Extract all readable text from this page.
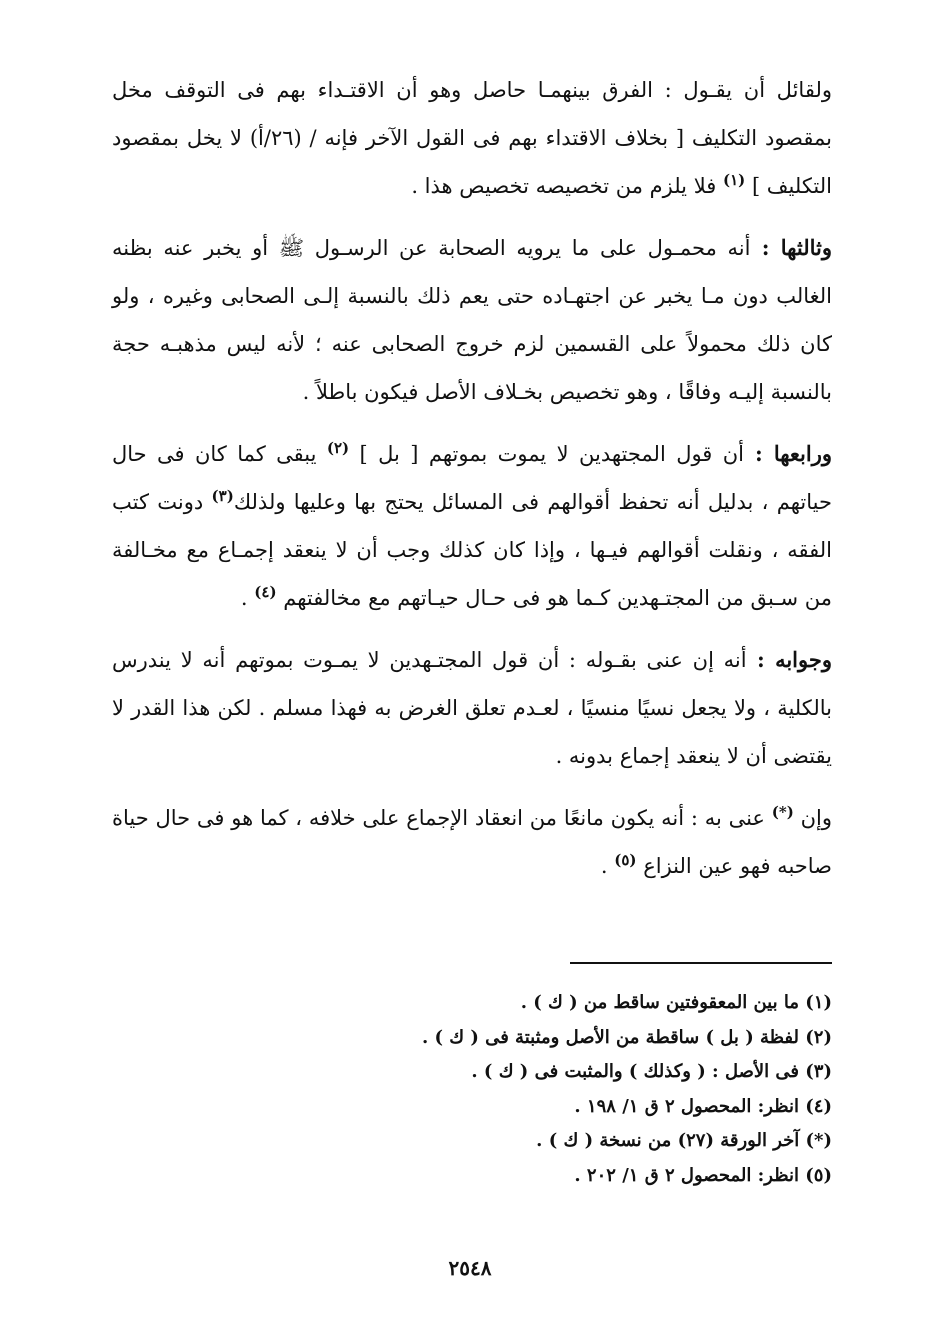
ولقائل أن يقـول : الفرق بينهمـا حاصل وهو أن الاقتـداء بهم فى التوقف مخل بمقصود التكليف [ بخلاف الاقتداء بهم فى القول الآخر فإنه / (٢٦/أ) لا يخل بمقصود التكليف ] $^{(١)}$ فلا يلزم من تخصيصه تخصيص هذا .

وثالثها : أنه محمـول على ما يرويه الصحابة عن الرسـول ﷺ أو يخبر عنه بظنه الغالب دون مـا يخبر عن اجتهـاده حتى يعم ذلك بالنسبة إلـى الصحابى وغيره ، ولو كان ذلك محمولاً على القسمين لزم خروج الصحابى عنه ؛ لأنه ليس مذهبـه حجة بالنسبة إليـه وفاقًا ، وهو تخصيص بخـلاف الأصل فيكون باطلاً .

ورابعها : أن قول المجتهدين لا يموت بموتهم [ بل ] $^{(٢)}$ يبقى كما كان فى حال حياتهم ، بدليل أنه تحفظ أقوالهم فى المسائل يحتج بها وعليها ولذلك$^{(٣)}$ دونت كتب الفقه ، ونقلت أقوالهم فيـها ، وإذا كان كذلك وجب أن لا ينعقد إجمـاع مع مخـالفة من سـبق من المجتـهدين كـما هو فى حـال حيـاتهم مع مخالفتهم $^{(٤)}$ .

وجوابه : أنه إن عنى بقـوله : أن قول المجتـهدين لا يمـوت بموتهم أنه لا يندرس بالكلية ، ولا يجعل نسيًا منسيًا ، لعـدم تعلق الغرض به فهذا مسلم . لكن هذا القدر لا يقتضى أن لا ينعقد إجماع بدونه .

وإن (*) عنى به : أنه يكون مانعًا من انعقاد الإجماع على خلافه ، كما هو فى حال حياة صاحبه فهو عين النزاع $^{(٥)}$ .

(١) ما بين المعقوفتين ساقط من ( ك ) .

(٢) لفظة ( بل ) ساقطة من الأصل ومثبتة فى ( ك ) .

(٣) فى الأصل : ( وكذلك ) والمثبت فى ( ك ) .

(٤) انظر: المحصول ٢ ق ١/ ١٩٨ .

(*) آخر الورقة (٢٧) من نسخة ( ك ) .

(٥) انظر: المحصول ٢ ق ١/ ٢٠٢ .

٢٥٤٨
